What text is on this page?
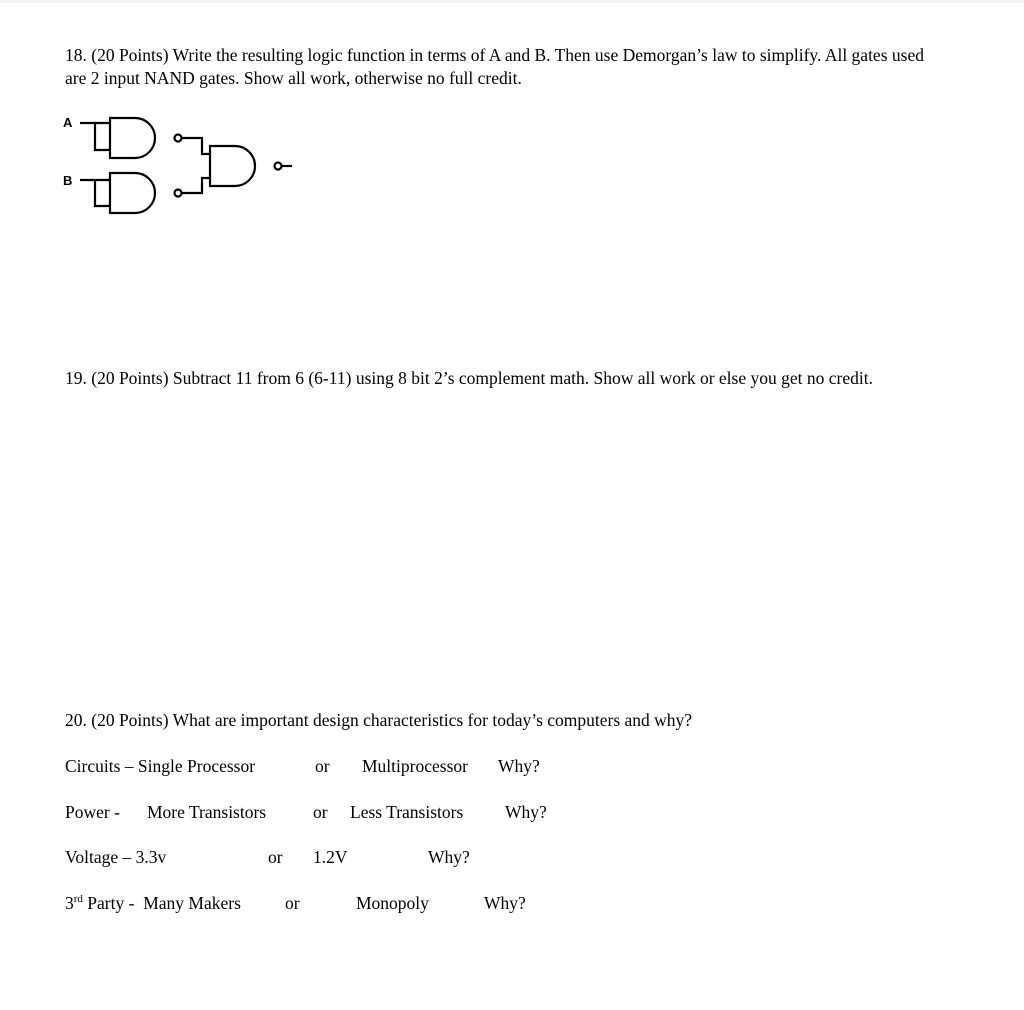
18. (20 Points) Write the resulting logic function in terms of A and B. Then use Demorgan’s law to simplify. All gates used are 2 input NAND gates. Show all work, otherwise no full credit.

A
B

19. (20 Points) Subtract 11 from 6 (6-11) using 8 bit 2’s complement math. Show all work or else you get no credit.

20. (20 Points) What are important design characteristics for today’s computers and why?

Circuits – Single Processor	or Multiprocessor Why?
Power - More Transistors	or Less Transistors Why?
Voltage – 3.3v	or 1.2V	Why?
3rd Party -  Many Makers	or	Monopoly	Why?
